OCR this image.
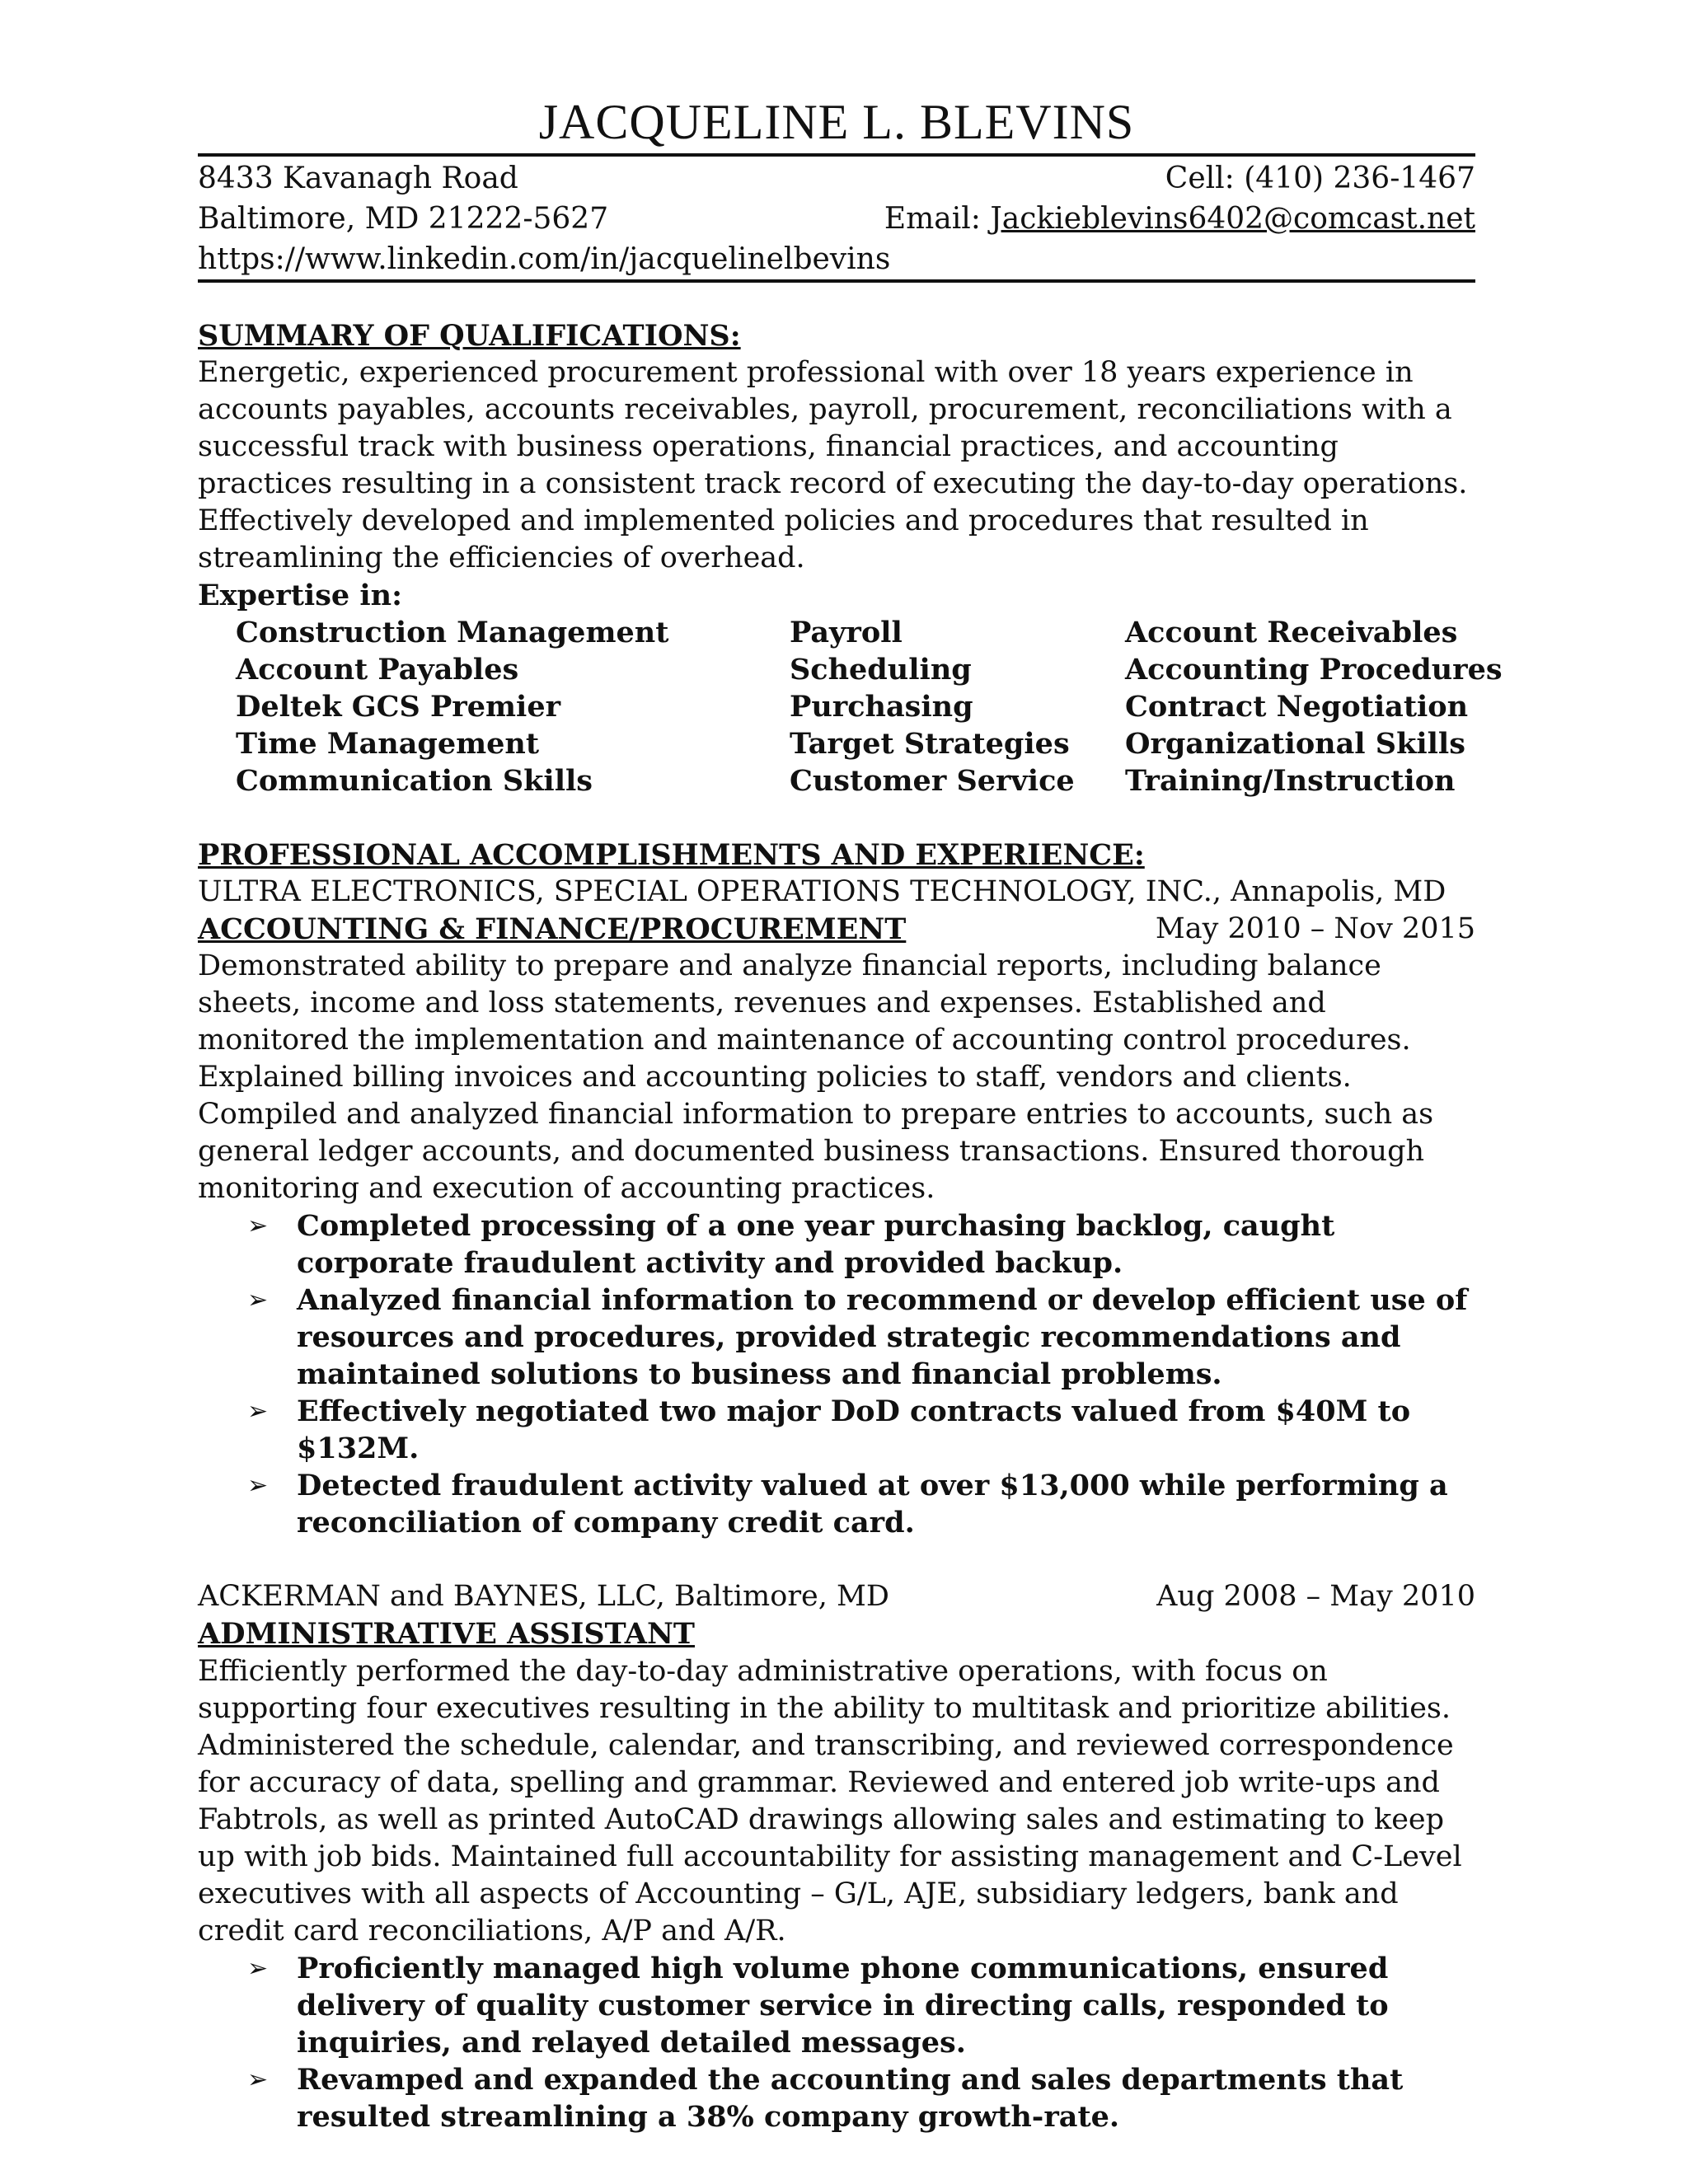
JACQUELINE L. BLEVINS
8433 Kavanagh Road	Cell: (410) 236-1467
Baltimore, MD 21222-5627	Email: Jackieblevins6402@comcast.net
https://www.linkedin.com/in/jacquelinelbevins
SUMMARY OF QUALIFICATIONS:

Energetic, experienced procurement professional with over 18 years experience in accounts payables, accounts receivables, payroll, procurement, reconciliations with a successful track with business operations, financial practices, and accounting practices resulting in a consistent track record of executing the day-to-day operations. Effectively developed and implemented policies and procedures that resulted in streamlining the efficiencies of overhead.

Expertise in:
Construction Management	Payroll	Account Receivables
Account Payables	Scheduling	Accounting Procedures
Deltek GCS Premier	Purchasing	Contract Negotiation
Time Management	Target Strategies	Organizational Skills
Communication Skills	Customer Service	Training/Instruction
PROFESSIONAL ACCOMPLISHMENTS AND EXPERIENCE:
ULTRA ELECTRONICS, SPECIAL OPERATIONS TECHNOLOGY, INC., Annapolis, MD
ACCOUNTING & FINANCE/PROCUREMENT	May 2010 – Nov 2015

Demonstrated ability to prepare and analyze financial reports, including balance sheets, income and loss statements, revenues and expenses. Established and monitored the implementation and maintenance of accounting control procedures. Explained billing invoices and accounting policies to staff, vendors and clients. Compiled and analyzed financial information to prepare entries to accounts, such as general ledger accounts, and documented business transactions. Ensured thorough monitoring and execution of accounting practices.

➢ Completed processing of a one year purchasing backlog, caught corporate fraudulent activity and provided backup.
➢ Analyzed financial information to recommend or develop efficient use of resources and procedures, provided strategic recommendations and maintained solutions to business and financial problems.
➢ Effectively negotiated two major DoD contracts valued from $40M to $132M.
➢ Detected fraudulent activity valued at over $13,000 while performing a reconciliation of company credit card.
ACKERMAN and BAYNES, LLC, Baltimore, MD	Aug 2008 – May 2010
ADMINISTRATIVE ASSISTANT

Efficiently performed the day-to-day administrative operations, with focus on supporting four executives resulting in the ability to multitask and prioritize abilities. Administered the schedule, calendar, and transcribing, and reviewed correspondence for accuracy of data, spelling and grammar. Reviewed and entered job write-ups and Fabtrols, as well as printed AutoCAD drawings allowing sales and estimating to keep up with job bids. Maintained full accountability for assisting management and C-Level executives with all aspects of Accounting – G/L, AJE, subsidiary ledgers, bank and credit card reconciliations, A/P and A/R.

➢ Proficiently managed high volume phone communications, ensured delivery of quality customer service in directing calls, responded to inquiries, and relayed detailed messages.
➢ Revamped and expanded the accounting and sales departments that resulted streamlining a 38% company growth-rate.
